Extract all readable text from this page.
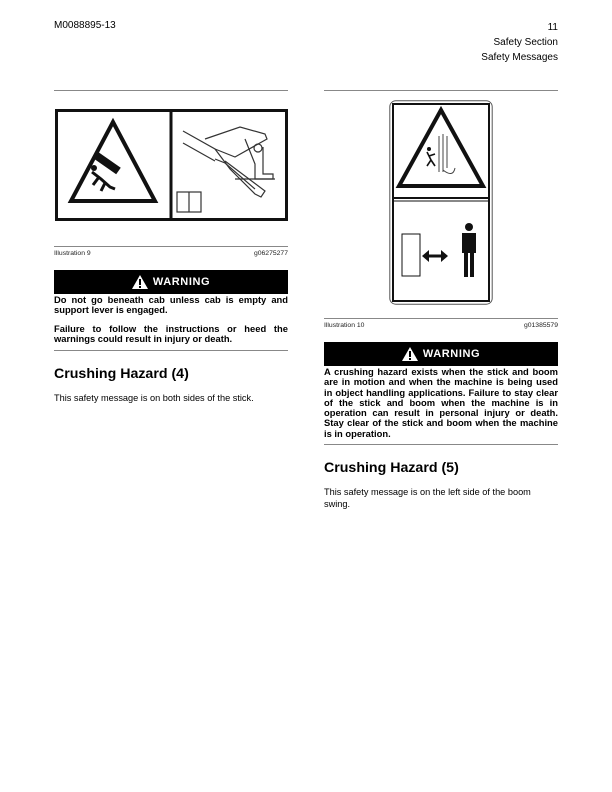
M0088895-13	11
Safety Section
Safety Messages
Illustration 9	g06275277
WARNING

Do not go beneath cab unless cab is empty and support lever is engaged.

Failure to follow the instructions or heed the warnings could result in injury or death.

Crushing Hazard (4)
This safety message is on both sides of the stick.
Illustration 10	g01385579
WARNING

A crushing hazard exists when the stick and boom are in motion and when the machine is being used in object handling applications. Failure to stay clear of the stick and boom when the machine is in operation can result in personal injury or death. Stay clear of the stick and boom when the machine is in operation.

Crushing Hazard (5)
This safety message is on the left side of the boom swing.
